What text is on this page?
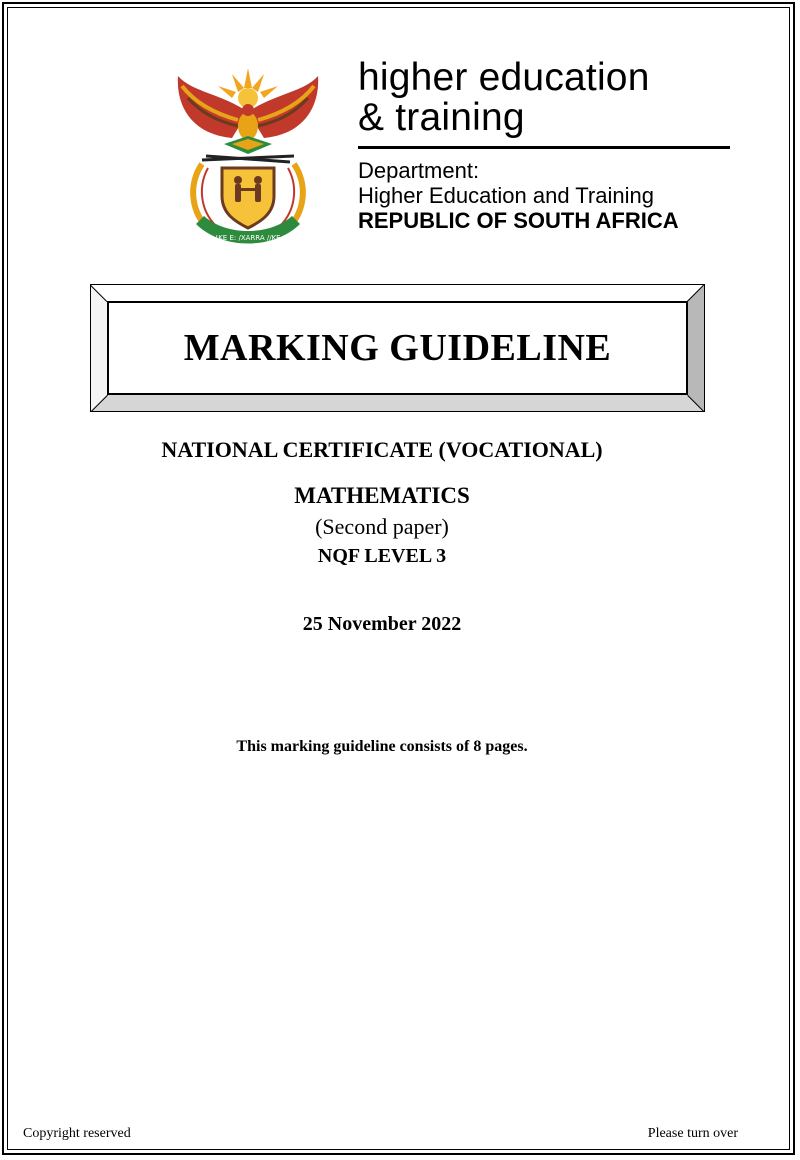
!KE E: /XARRA //KE
higher education
& training
Department:
Higher Education and Training
REPUBLIC OF SOUTH AFRICA
MARKING GUIDELINE
NATIONAL CERTIFICATE (VOCATIONAL)
MATHEMATICS
(Second paper)
NQF LEVEL 3
25 November 2022
This marking guideline consists of 8 pages.
Copyright reserved	Please turn over
